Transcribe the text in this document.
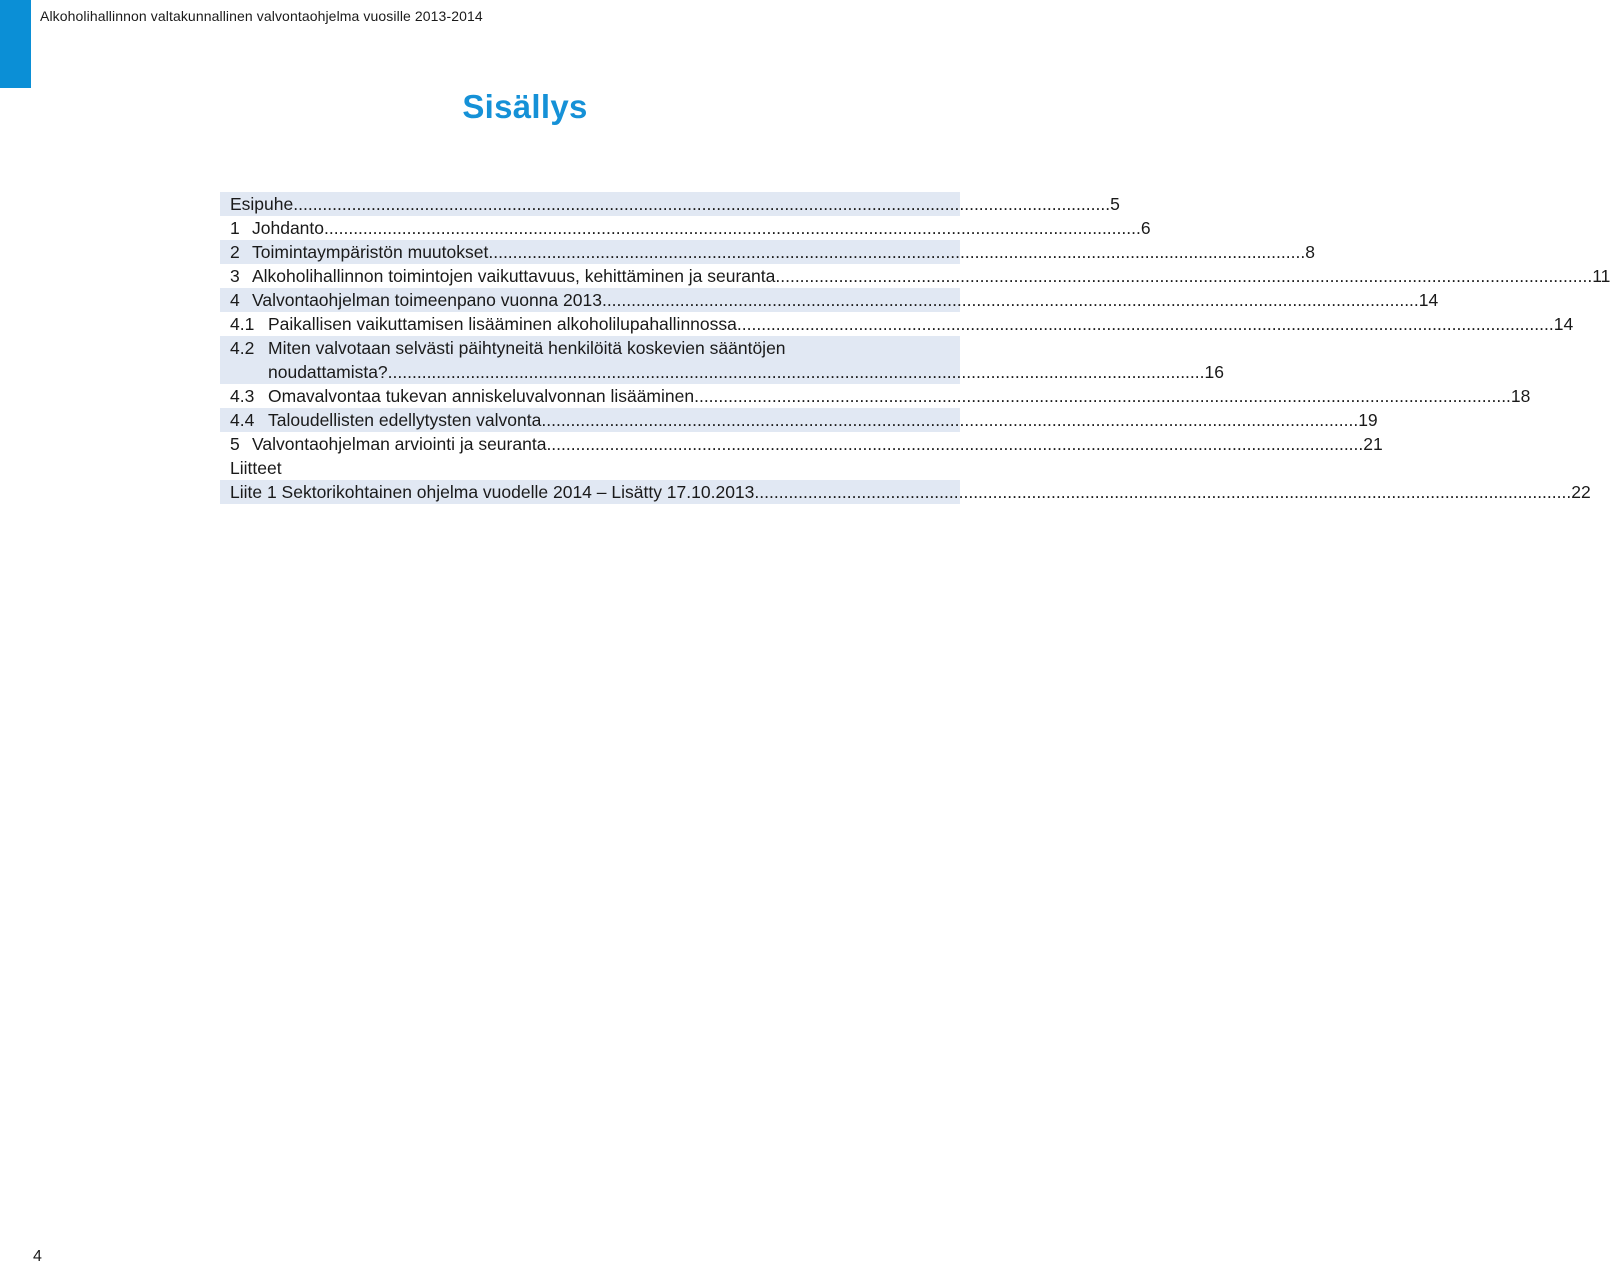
Alkoholihallinnon valtakunnallinen valvontaohjelma vuosille 2013-2014
Sisällys
Esipuhe ........................................................................................................................................................................ 5
1 Johdanto ........................................................................................................................................................................ 6
2 Toimintaympäristön muutokset ........................................................................................................................................................................ 8
3 Alkoholihallinnon toimintojen vaikuttavuus, kehittäminen ja seuranta ........................................................................................................................................................................ 11
4 Valvontaohjelman toimeenpano vuonna 2013 ........................................................................................................................................................................ 14
4.1 Paikallisen vaikuttamisen lisääminen alkoholilupahallinnossa ........................................................................................................................................................................ 14
4.2 Miten valvotaan selvästi päihtyneitä henkilöitä koskevien sääntöjen
noudattamista? ........................................................................................................................................................................ 16
4.3 Omavalvontaa tukevan anniskeluvalvonnan lisääminen ........................................................................................................................................................................ 18
4.4 Taloudellisten edellytysten valvonta ........................................................................................................................................................................ 19
5 Valvontaohjelman arviointi ja seuranta ........................................................................................................................................................................ 21
Liitteet
Liite 1 Sektorikohtainen ohjelma vuodelle 2014 – Lisätty 17.10.2013 ........................................................................................................................................................................ 22
4
